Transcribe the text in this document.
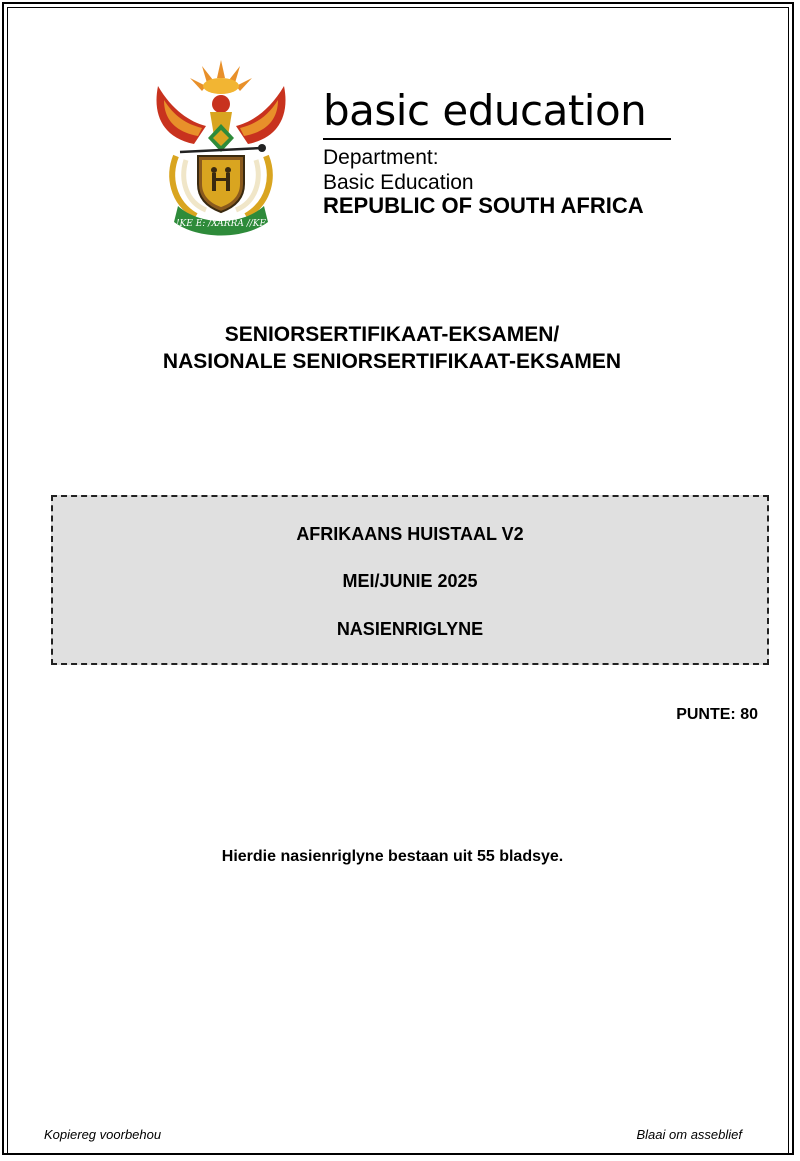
!KE E: /XARRA //KE
basic education
Department:
Basic Education
REPUBLIC OF SOUTH AFRICA
SENIORSERTIFIKAAT-EKSAMEN/
NASIONALE SENIORSERTIFIKAAT-EKSAMEN
AFRIKAANS HUISTAAL V2
MEI/JUNIE 2025
NASIENRIGLYNE
PUNTE: 80
Hierdie nasienriglyne bestaan uit 55 bladsye.
Kopiereg voorbehou	Blaai om asseblief
